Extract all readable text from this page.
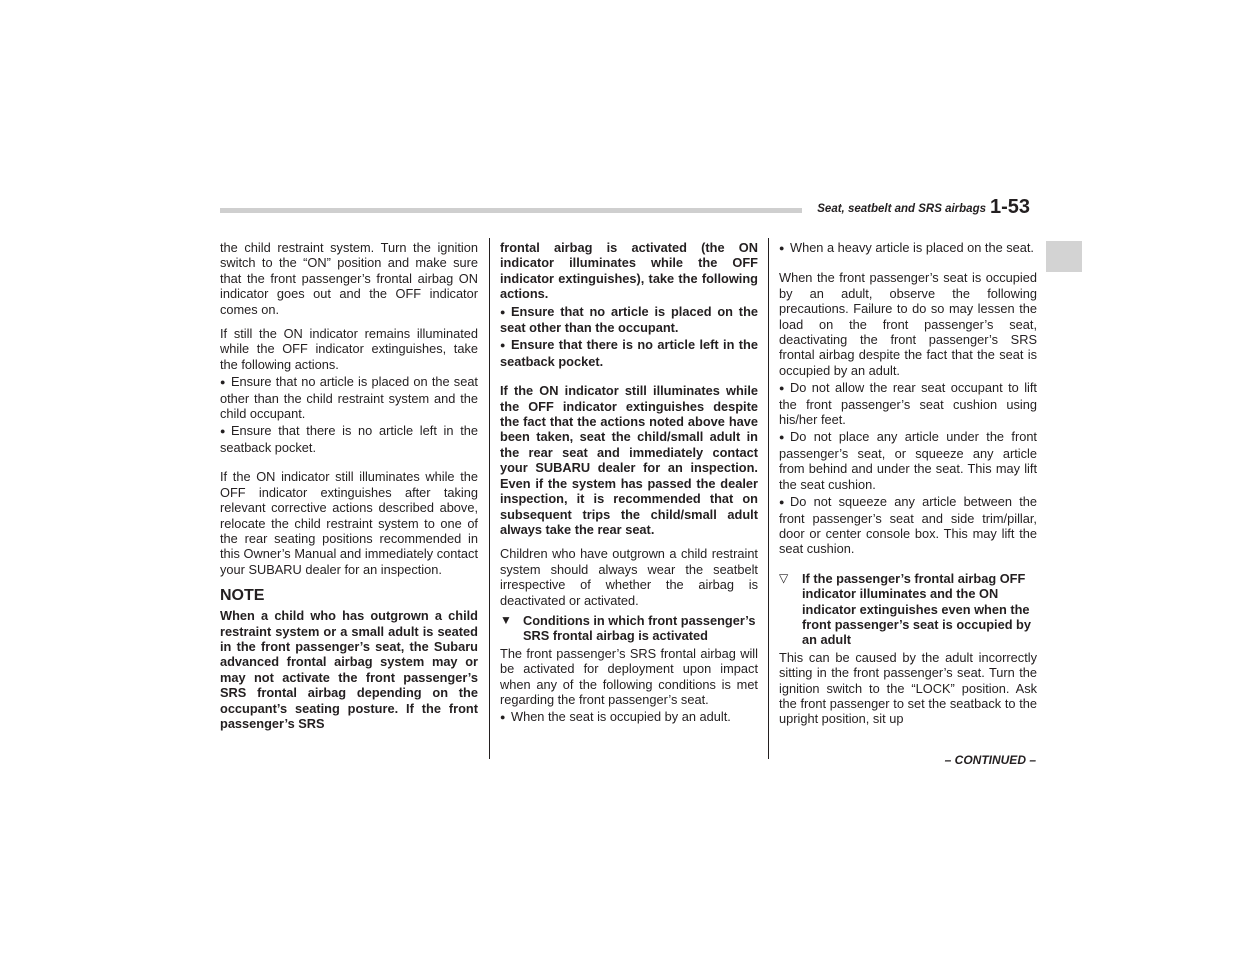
Seat, seatbelt and SRS airbags 1-53

the child restraint system. Turn the ignition switch to the “ON” position and make sure that the front passenger’s frontal airbag ON indicator goes out and the OFF indicator comes on.

If still the ON indicator remains illuminated while the OFF indicator extinguishes, take the following actions.

● Ensure that no article is placed on the seat other than the child restraint system and the child occupant.

● Ensure that there is no article left in the seatback pocket.

If the ON indicator still illuminates while the OFF indicator extinguishes after taking relevant corrective actions described above, relocate the child restraint system to one of the rear seating positions recommended in this Owner’s Manual and immediately contact your SUBARU dealer for an inspection.

NOTE

When a child who has outgrown a child restraint system or a small adult is seated in the front passenger’s seat, the Subaru advanced frontal airbag system may or may not activate the front passenger’s SRS frontal airbag depending on the occupant’s seating posture. If the front passenger’s SRS

frontal airbag is activated (the ON indicator illuminates while the OFF indicator extinguishes), take the following actions.

● Ensure that no article is placed on the seat other than the occupant.

● Ensure that there is no article left in the seatback pocket.

If the ON indicator still illuminates while the OFF indicator extinguishes despite the fact that the actions noted above have been taken, seat the child/small adult in the rear seat and immediately contact your SUBARU dealer for an inspection. Even if the system has passed the dealer inspection, it is recommended that on subsequent trips the child/small adult always take the rear seat.

Children who have outgrown a child restraint system should always wear the seatbelt irrespective of whether the airbag is deactivated or activated.

▼ Conditions in which front passenger’s SRS frontal airbag is activated

The front passenger’s SRS frontal airbag will be activated for deployment upon impact when any of the following conditions is met regarding the front passenger’s seat.

● When the seat is occupied by an adult.

● When a heavy article is placed on the seat.

When the front passenger’s seat is occupied by an adult, observe the following precautions. Failure to do so may lessen the load on the front passenger’s seat, deactivating the front passenger’s SRS frontal airbag despite the fact that the seat is occupied by an adult.

● Do not allow the rear seat occupant to lift the front passenger’s seat cushion using his/her feet.

● Do not place any article under the front passenger’s seat, or squeeze any article from behind and under the seat. This may lift the seat cushion.

● Do not squeeze any article between the front passenger’s seat and side trim/pillar, door or center console box. This may lift the seat cushion.

▽	If the passenger’s frontal airbag OFF indicator illuminates and the ON indicator extinguishes even when the front passenger’s seat is occupied by an adult

This can be caused by the adult incorrectly sitting in the front passenger’s seat. Turn the ignition switch to the “LOCK” position. Ask the front passenger to set the seatback to the upright position, sit up

– CONTINUED –
